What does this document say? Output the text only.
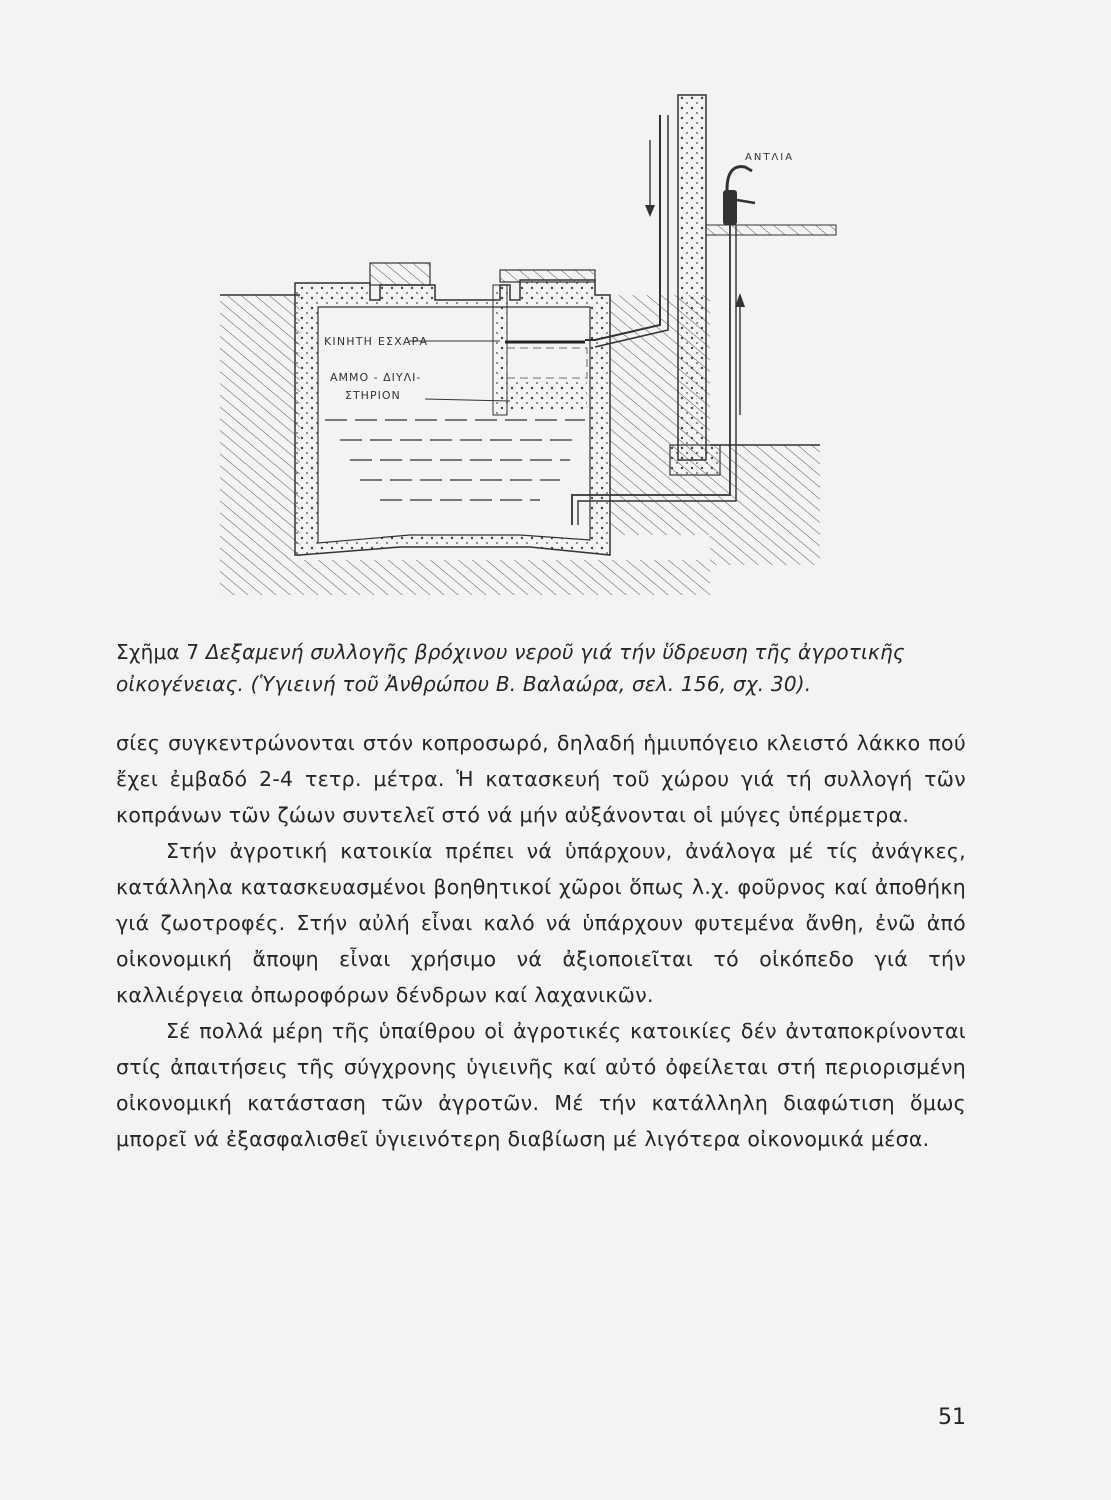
ΑΝΤΛΙΑ
ΚΙΝΗΤΗ ΕΣΧΑΡΑ
ΑΜΜΟ - ΔΙΥΛΙ-
ΣΤΗΡΙΟΝ
Σχῆμα 7 Δεξαμενή συλλογῆς βρόχινου νεροῦ γιά τήν ὕδρευση τῆς ἀγροτικῆς οἰκογένειας. (Ὑγιεινή τοῦ Ἀνθρώπου Β. Βαλαώρα, σελ. 156, σχ. 30).

σίες συγκεντρώνονται στόν κοπροσωρό, δηλαδή ἡμιυπόγειο κλειστό λάκκο πού ἔχει ἐμβαδό 2-4 τετρ. μέτρα. Ἡ κατασκευή τοῦ χώρου γιά τή συλλογή τῶν κοπράνων τῶν ζώων συντελεῖ στό νά μήν αὐξάνονται οἱ μύγες ὑπέρμετρα.

Στήν ἀγροτική κατοικία πρέπει νά ὑπάρχουν, ἀνάλογα μέ τίς ἀνάγκες, κατάλληλα κατασκευασμένοι βοηθητικοί χῶροι ὅπως λ.χ. φοῦρνος καί ἀποθήκη γιά ζωοτροφές. Στήν αὐλή εἶναι καλό νά ὑπάρχουν φυτεμένα ἄνθη, ἐνῶ ἀπό οἰκονομική ἄποψη εἶναι χρήσιμο νά ἀξιοποιεῖται τό οἰκόπεδο γιά τήν καλλιέργεια ὀπωροφόρων δένδρων καί λαχανικῶν.

Σέ πολλά μέρη τῆς ὑπαίθρου οἱ ἀγροτικές κατοικίες δέν ἀνταποκρίνονται στίς ἀπαιτήσεις τῆς σύγχρονης ὑγιεινῆς καί αὐτό ὀφείλεται στή περιορισμένη οἰκονομική κατάσταση τῶν ἀγροτῶν. Μέ τήν κατάλληλη διαφώτιση ὅμως μπορεῖ νά ἐξασφαλισθεῖ ὑγιεινότερη διαβίωση μέ λιγότερα οἰκονομικά μέσα.

51
